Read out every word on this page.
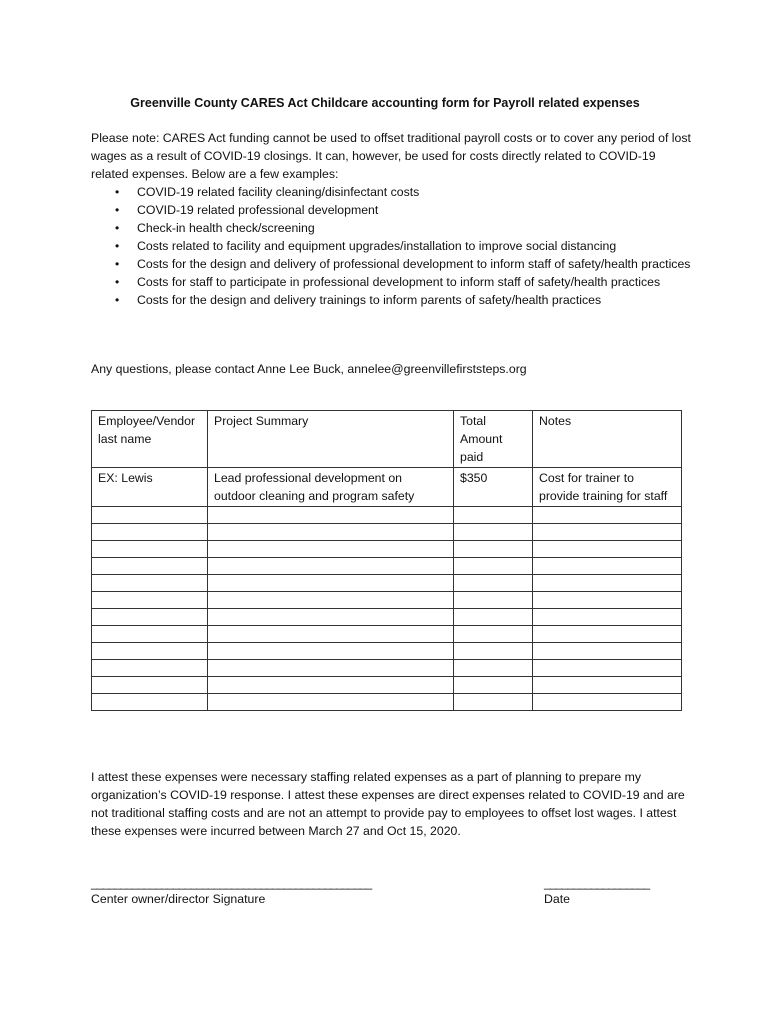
Greenville County CARES Act Childcare accounting form for Payroll related expenses

Please note: CARES Act funding cannot be used to offset traditional payroll costs or to cover any period of lost wages as a result of COVID-19 closings. It can, however, be used for costs directly related to COVID-19 related expenses. Below are a few examples:

• COVID-19 related facility cleaning/disinfectant costs
• COVID-19 related professional development
• Check-in health check/screening
• Costs related to facility and equipment upgrades/installation to improve social distancing
• Costs for the design and delivery of professional development to inform staff of safety/health practices
• Costs for staff to participate in professional development to inform staff of safety/health practices
• Costs for the design and delivery trainings to inform parents of safety/health practices
Any questions, please contact Anne Lee Buck, annelee@greenvillefirststeps.org
Employee/Vendor last name	Project Summary	Total Amount paid	Notes
EX: Lewis	Lead professional development on outdoor cleaning and program safety	$350	Cost for trainer to provide training for staff

I attest these expenses were necessary staffing related expenses as a part of planning to prepare my organization’s COVID-19 response. I attest these expenses are direct expenses related to COVID-19 and are not traditional staffing costs and are not an attempt to provide pay to employees to offset lost wages. I attest these expenses were incurred between March 27 and Oct 15, 2020.

________________________________________________
Center owner/director Signature
__________________
Date
